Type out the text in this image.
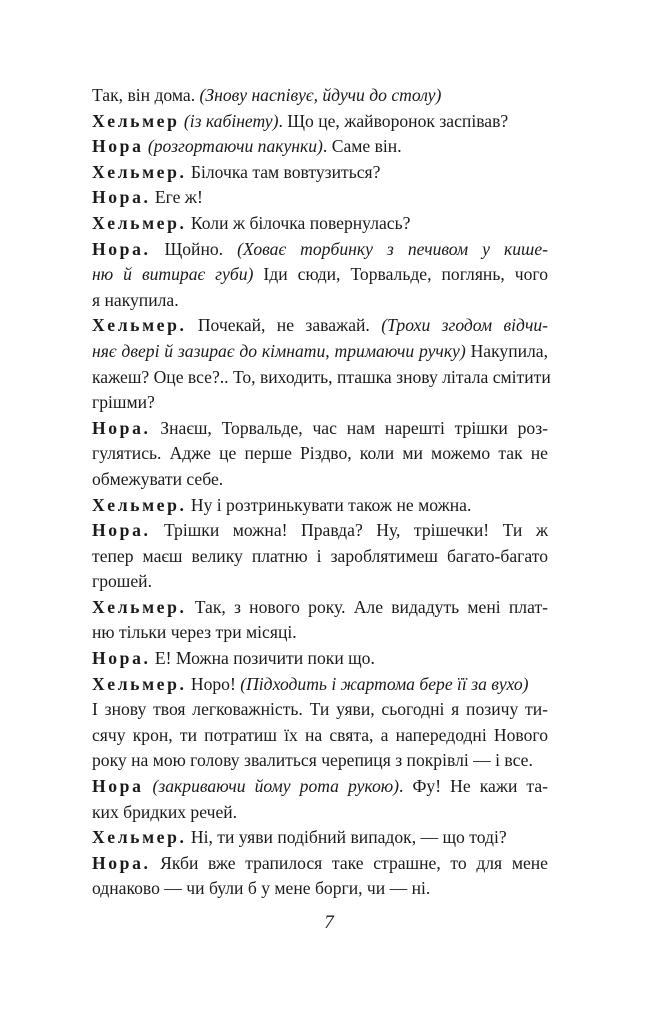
Так, він дома. (Знову наспівує, йдучи до столу)
Хельмер (із кабінету). Що це, жайворонок заспівав?
Нора (розгортаючи пакунки). Саме він.
Хельмер. Білочка там вовтузиться?
Нора. Еге ж!
Хельмер. Коли ж білочка повернулась?
Нора. Щойно. (Ховає торбинку з печивом у кише-
ню й витирає губи) Іди сюди, Торвальде, поглянь, чого
я накупила.
Хельмер. Почекай, не заважай. (Трохи згодом відчи-
няє двері й зазирає до кімнати, тримаючи ручку) Накупила,
кажеш? Оце все?.. То, виходить, пташка знову літала смітити
грішми?
Нора. Знаєш, Торвальде, час нам нарешті трішки роз-
гулятись. Адже це перше Різдво, коли ми можемо так не
обмежувати себе.
Хельмер. Ну і розтринькувати також не можна.
Нора. Трішки можна! Правда? Ну, трішечки! Ти ж
тепер маєш велику платню і зароблятимеш багато-багато
грошей.
Хельмер. Так, з нового року. Але видадуть мені плат-
ню тільки через три місяці.
Нора. Е! Можна позичити поки що.
Хельмер. Норо! (Підходить і жартома бере її за вухо)
І знову твоя легковажність. Ти уяви, сьогодні я позичу ти-
сячу крон, ти потратиш їх на свята, а напередодні Нового
року на мою голову звалиться черепиця з покрівлі — і все.
Нора (закриваючи йому рота рукою). Фу! Не кажи та-
ких бридких речей.
Хельмер. Ні, ти уяви подібний випадок, — що тоді?
Нора. Якби вже трапилося таке страшне, то для мене
однаково — чи були б у мене борги, чи — ні.
7
